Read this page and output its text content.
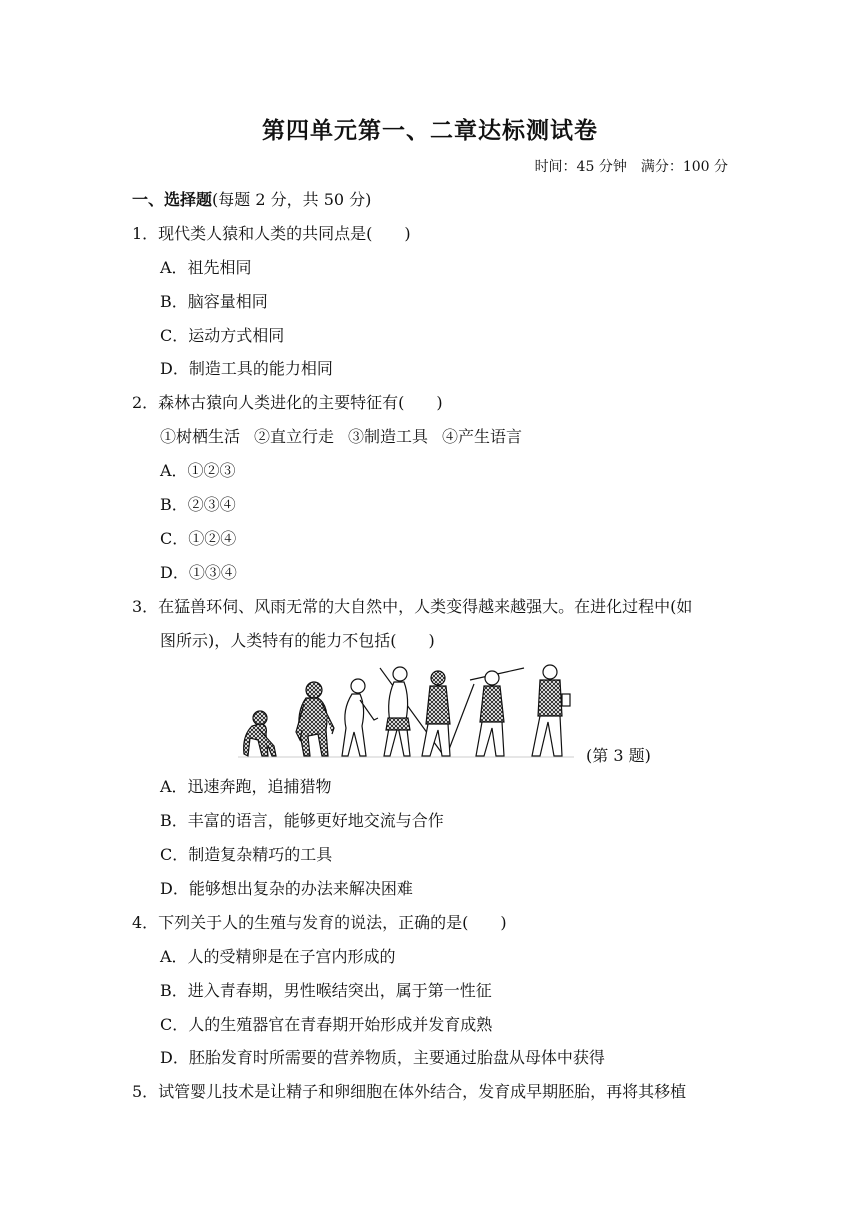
第四单元第一、二章达标测试卷
时间：45 分钟 满分：100 分
一、选择题(每题 2 分，共 50 分)
1．现代类人猿和人类的共同点是(　　)
A．祖先相同
B．脑容量相同
C．运动方式相同
D．制造工具的能力相同
2．森林古猿向人类进化的主要特征有(　　)
①树栖生活 ②直立行走 ③制造工具 ④产生语言
A．①②③
B．②③④
C．①②④
D．①③④
3．在猛兽环伺、风雨无常的大自然中，人类变得越来越强大。在进化过程中(如
图所示)，人类特有的能力不包括(　　)
(第 3 题)
A．迅速奔跑，追捕猎物
B．丰富的语言，能够更好地交流与合作
C．制造复杂精巧的工具
D．能够想出复杂的办法来解决困难
4．下列关于人的生殖与发育的说法，正确的是(　　)
A．人的受精卵是在子宫内形成的
B．进入青春期，男性喉结突出，属于第一性征
C．人的生殖器官在青春期开始形成并发育成熟
D．胚胎发育时所需要的营养物质，主要通过胎盘从母体中获得
5．试管婴儿技术是让精子和卵细胞在体外结合，发育成早期胚胎，再将其移植
